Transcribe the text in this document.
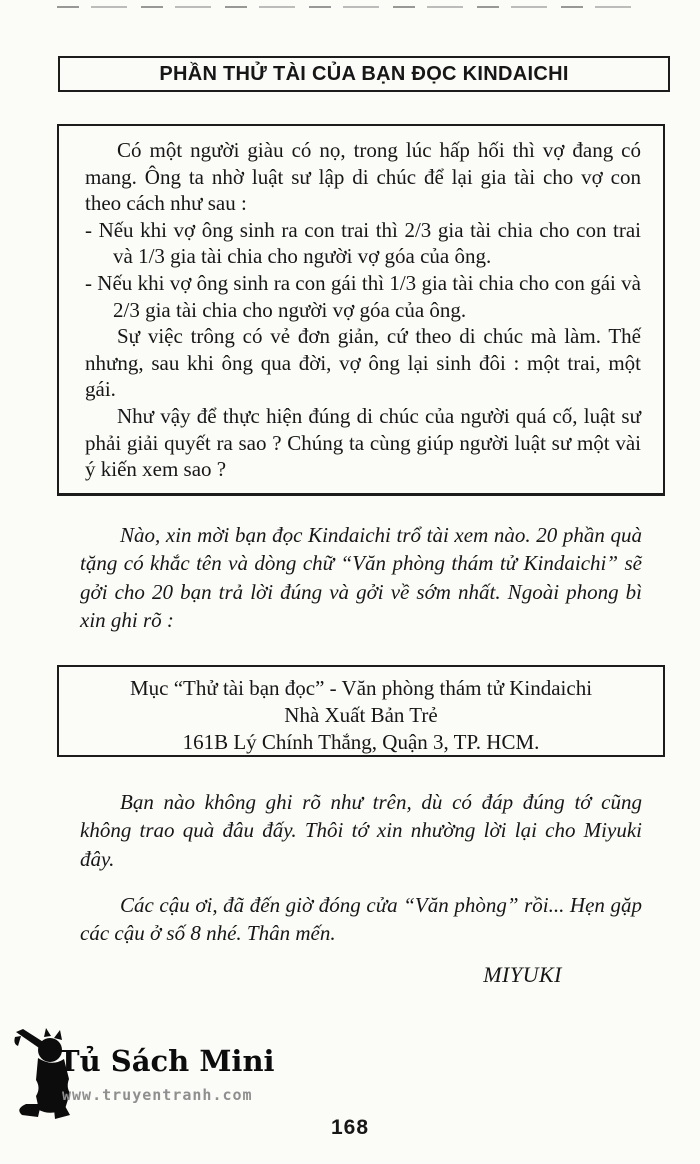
PHẦN THỬ TÀI CỦA BẠN ĐỌC KINDAICHI

Có một người giàu có nọ, trong lúc hấp hối thì vợ đang có mang. Ông ta nhờ luật sư lập di chúc để lại gia tài cho vợ con theo cách như sau :

- Nếu khi vợ ông sinh ra con trai thì 2/3 gia tài chia cho con trai và 1/3 gia tài chia cho người vợ góa của ông.

- Nếu khi vợ ông sinh ra con gái thì 1/3 gia tài chia cho con gái và 2/3 gia tài chia cho người vợ góa của ông.

Sự việc trông có vẻ đơn giản, cứ theo di chúc mà làm. Thế nhưng, sau khi ông qua đời, vợ ông lại sinh đôi : một trai, một gái.

Như vậy để thực hiện đúng di chúc của người quá cố, luật sư phải giải quyết ra sao ? Chúng ta cùng giúp người luật sư một vài ý kiến xem sao ?

Nào, xin mời bạn đọc Kindaichi trổ tài xem nào. 20 phần quà tặng có khắc tên và dòng chữ “Văn phòng thám tử Kindaichi” sẽ gởi cho 20 bạn trả lời đúng và gởi về sớm nhất. Ngoài phong bì xin ghi rõ :

Mục “Thử tài bạn đọc” - Văn phòng thám tử Kindaichi
Nhà Xuất Bản Trẻ
161B Lý Chính Thắng, Quận 3, TP. HCM.

Bạn nào không ghi rõ như trên, dù có đáp đúng tớ cũng không trao quà đâu đấy. Thôi tớ xin nhường lời lại cho Miyuki đây.

Các cậu ơi, đã đến giờ đóng cửa “Văn phòng” rồi... Hẹn gặp các cậu ở số 8 nhé. Thân mến.

MIYUKI
Tủ Sách Mini
www.truyentranh.com
168
